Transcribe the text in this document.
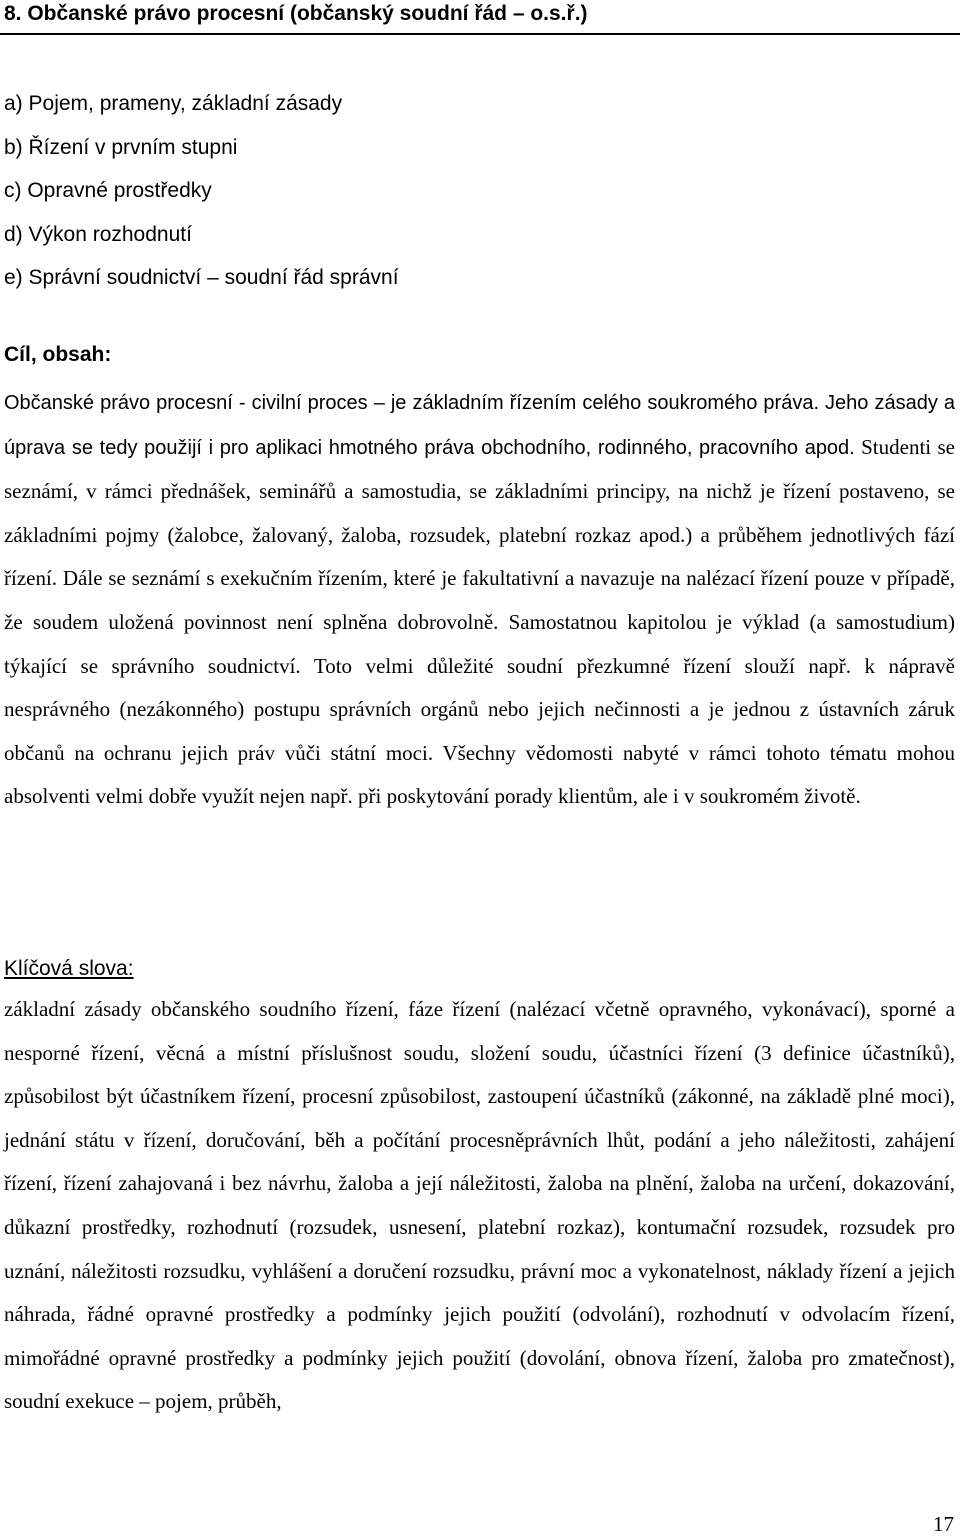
8. Občanské právo procesní (občanský soudní řád – o.s.ř.)
a) Pojem, prameny, základní zásady
b) Řízení v prvním stupni
c) Opravné prostředky
d) Výkon rozhodnutí
e) Správní soudnictví – soudní řád správní
Cíl, obsah:

Občanské právo procesní - civilní proces – je základním řízením celého soukromého práva. Jeho zásady a úprava se tedy použijí i pro aplikaci hmotného práva obchodního, rodinného, pracovního apod. Studenti se seznámí, v rámci přednášek, seminářů a samostudia, se základními principy, na nichž je řízení postaveno, se základními pojmy (žalobce, žalovaný, žaloba, rozsudek, platební rozkaz apod.) a průběhem jednotlivých fází řízení. Dále se seznámí s exekučním řízením, které je fakultativní a navazuje na nalézací řízení pouze v případě, že soudem uložená povinnost není splněna dobrovolně. Samostatnou kapitolou je výklad (a samostudium) týkající se správního soudnictví. Toto velmi důležité soudní přezkumné řízení slouží např. k nápravě nesprávného (nezákonného) postupu správních orgánů nebo jejich nečinnosti a je jednou z ústavních záruk občanů na ochranu jejich práv vůči státní moci. Všechny vědomosti nabyté v rámci tohoto tématu mohou absolventi velmi dobře využít nejen např. při poskytování porady klientům, ale i v soukromém životě.

Klíčová slova:

základní zásady občanského soudního řízení, fáze řízení (nalézací včetně opravného, vykonávací), sporné a nesporné řízení, věcná a místní příslušnost soudu, složení soudu, účastníci řízení (3 definice účastníků), způsobilost být účastníkem řízení, procesní způsobilost, zastoupení účastníků (zákonné, na základě plné moci), jednání státu v řízení, doručování, běh a počítání procesněprávních lhůt, podání a jeho náležitosti, zahájení řízení, řízení zahajovaná i bez návrhu, žaloba a její náležitosti, žaloba na plnění, žaloba na určení, dokazování, důkazní prostředky, rozhodnutí (rozsudek, usnesení, platební rozkaz), kontumační rozsudek, rozsudek pro uznání, náležitosti rozsudku, vyhlášení a doručení rozsudku, právní moc a vykonatelnost, náklady řízení a jejich náhrada, řádné opravné prostředky a podmínky jejich použití (odvolání), rozhodnutí v odvolacím řízení, mimořádné opravné prostředky a podmínky jejich použití (dovolání, obnova řízení, žaloba pro zmatečnost), soudní exekuce – pojem, průběh,

17
